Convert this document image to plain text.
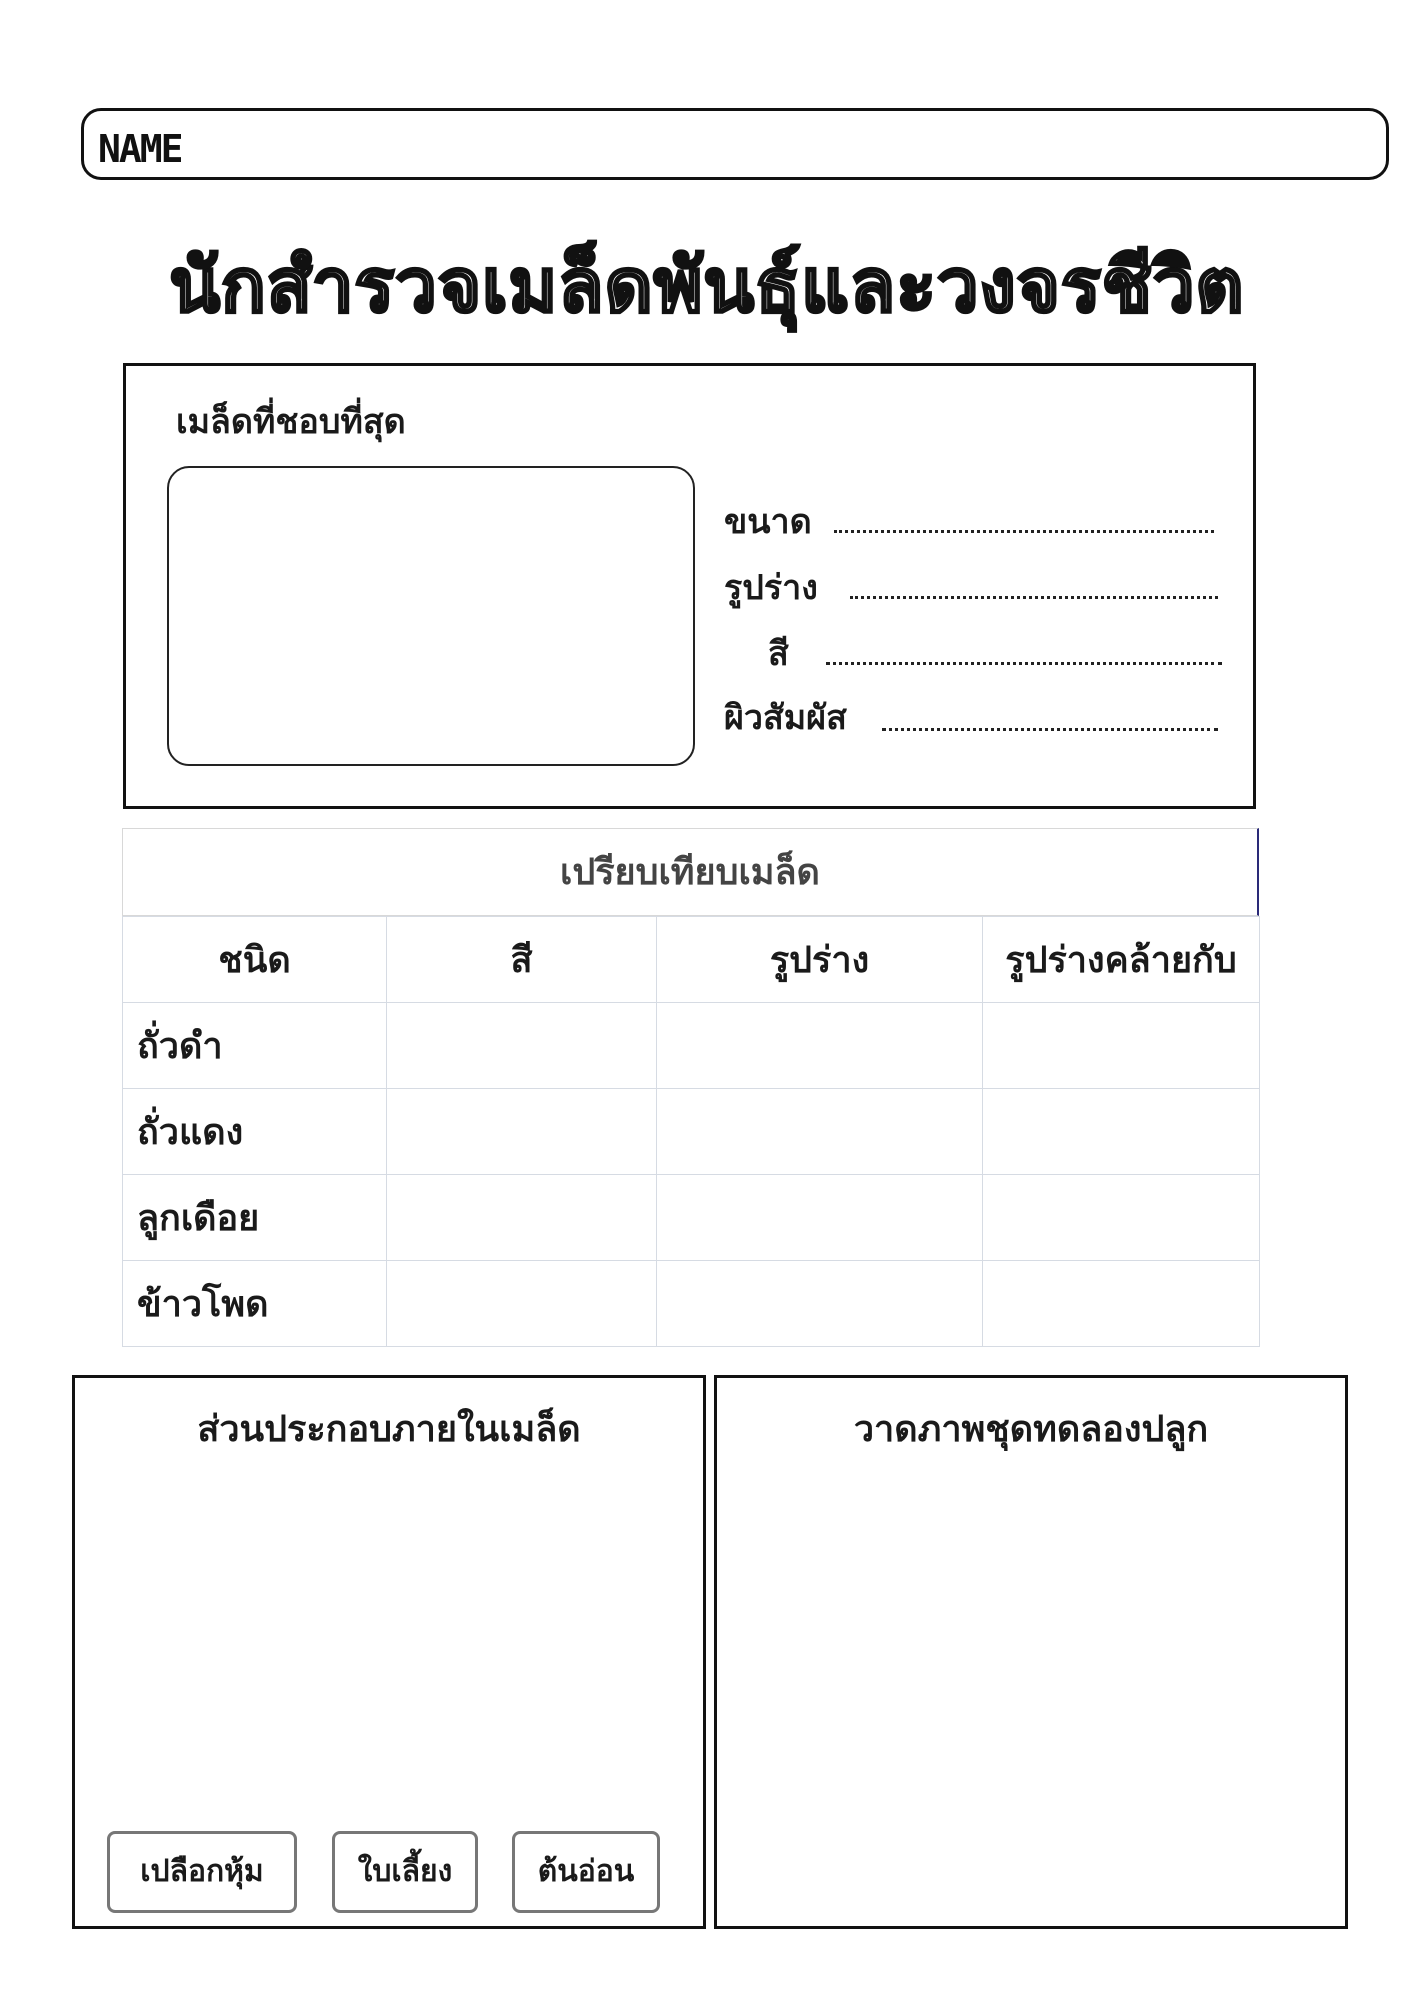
NAME
นักสำรวจเมล็ดพันธุ์และวงจรชีวิต
เมล็ดที่ชอบที่สุด
ขนาด
รูปร่าง
สี
ผิวสัมผัส
เปรียบเทียบเมล็ด
ชนิด	สี	รูปร่าง	รูปร่างคล้ายกับ
ถั่วดำ			
ถั่วแดง			
ลูกเดือย			
ข้าวโพด			
ส่วนประกอบภายในเมล็ด
เปลือกหุ้ม	ใบเลี้ยง	ต้นอ่อน
วาดภาพชุดทดลองปลูก
